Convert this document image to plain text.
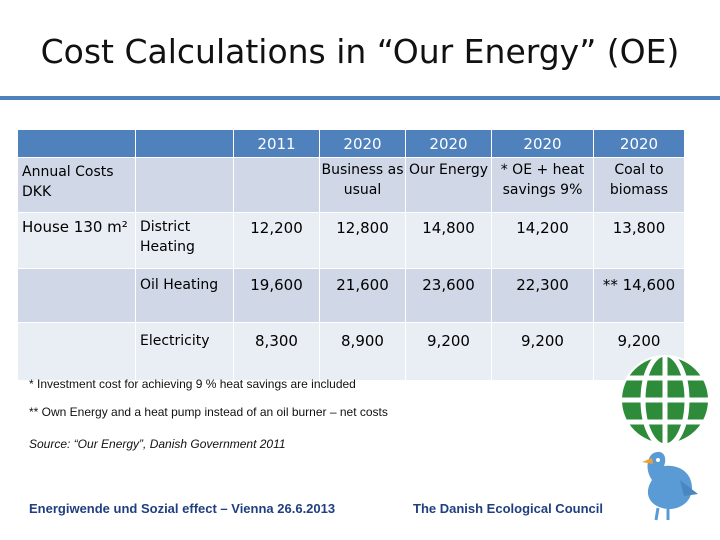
Cost Calculations in “Our Energy” (OE)
		2011	2020	2020	2020	2020
Annual Costs DKK			Business as usual	Our Energy	* OE + heat savings 9%	Coal to biomass
House 130 m²	District Heating	12,200	12,800	14,800	14,200	13,800
	Oil Heating	19,600	21,600	23,600	22,300	** 14,600
	Electricity	8,300	8,900	9,200	9,200	9,200
* Investment cost for achieving 9 % heat savings are included
** Own Energy and a heat pump instead of an oil burner – net costs
Source: “Our Energy”, Danish Government 2011
Energiwende und Sozial effect – Vienna 26.6.2013	The Danish Ecological Council
